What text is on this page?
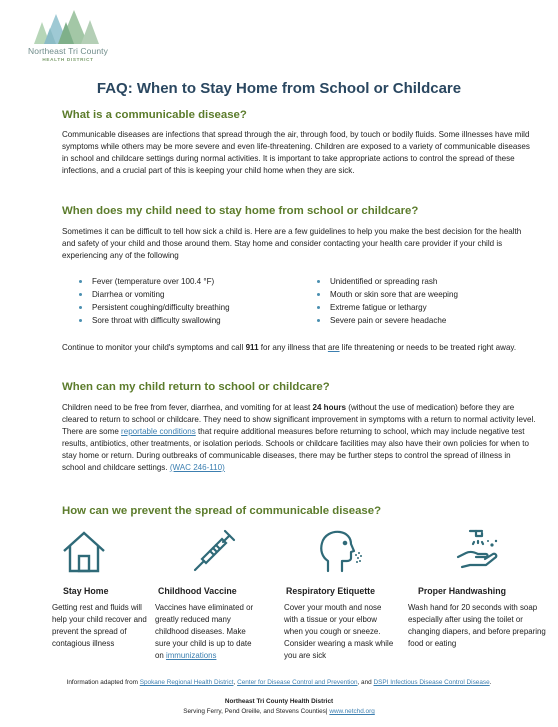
Northeast Tri County
HEALTH DISTRICT
FAQ: When to Stay Home from School or Childcare
What is a communicable disease?

Communicable diseases are infections that spread through the air, through food, by touch or bodily fluids. Some illnesses have mild symptoms while others may be more severe and even life-threatening. Children are exposed to a variety of communicable diseases in school and childcare settings during normal activities. It is important to take appropriate actions to control the spread of these infections, and a crucial part of this is keeping your child home when they are sick.

When does my child need to stay home from school or childcare?

Sometimes it can be difficult to tell how sick a child is. Here are a few guidelines to help you make the best decision for the health and safety of your child and those around them. Stay home and consider contacting your health care provider if your child is experiencing any of the following

Fever (temperature over 100.4 °F)
Diarrhea or vomiting
Persistent coughing/difficulty breathing
Sore throat with difficulty swallowing
Unidentified or spreading rash
Mouth or skin sore that are weeping
Extreme fatigue or lethargy
Severe pain or severe headache

Continue to monitor your child's symptoms and call 911 for any illness that are life threatening or needs to be treated right away.

When can my child return to school or childcare?

Children need to be free from fever, diarrhea, and vomiting for at least 24 hours (without the use of medication) before they are cleared to return to school or childcare. They need to show significant improvement in symptoms with a return to normal activity level. There are some reportable conditions that require additional measures before returning to school, which may include negative test results, antibiotics, other treatments, or isolation periods. Schools or childcare facilities may also have their own policies for when to stay home or return. During outbreaks of communicable diseases, there may be further steps to control the spread of illness in school and childcare settings. (WAC 246-110)

How can we prevent the spread of communicable disease?
Stay Home	Childhood Vaccine	Respiratory Etiquette	Proper Handwashing

Getting rest and fluids will help your child recover and prevent the spread of contagious illness

Vaccines have eliminated or greatly reduced many childhood diseases. Make sure your child is up to date on immunizations

Cover your mouth and nose with a tissue or your elbow when you cough or sneeze. Consider wearing a mask while you are sick

Wash hand for 20 seconds with soap especially after using the toilet or changing diapers, and before preparing food or eating

Information adapted from Spokane Regional Health District, Center for Disease Control and Prevention, and DSPI Infectious Disease Control Disease.
Northeast Tri County Health District
Serving Ferry, Pend Oreille, and Stevens Counties| www.netchd.org
